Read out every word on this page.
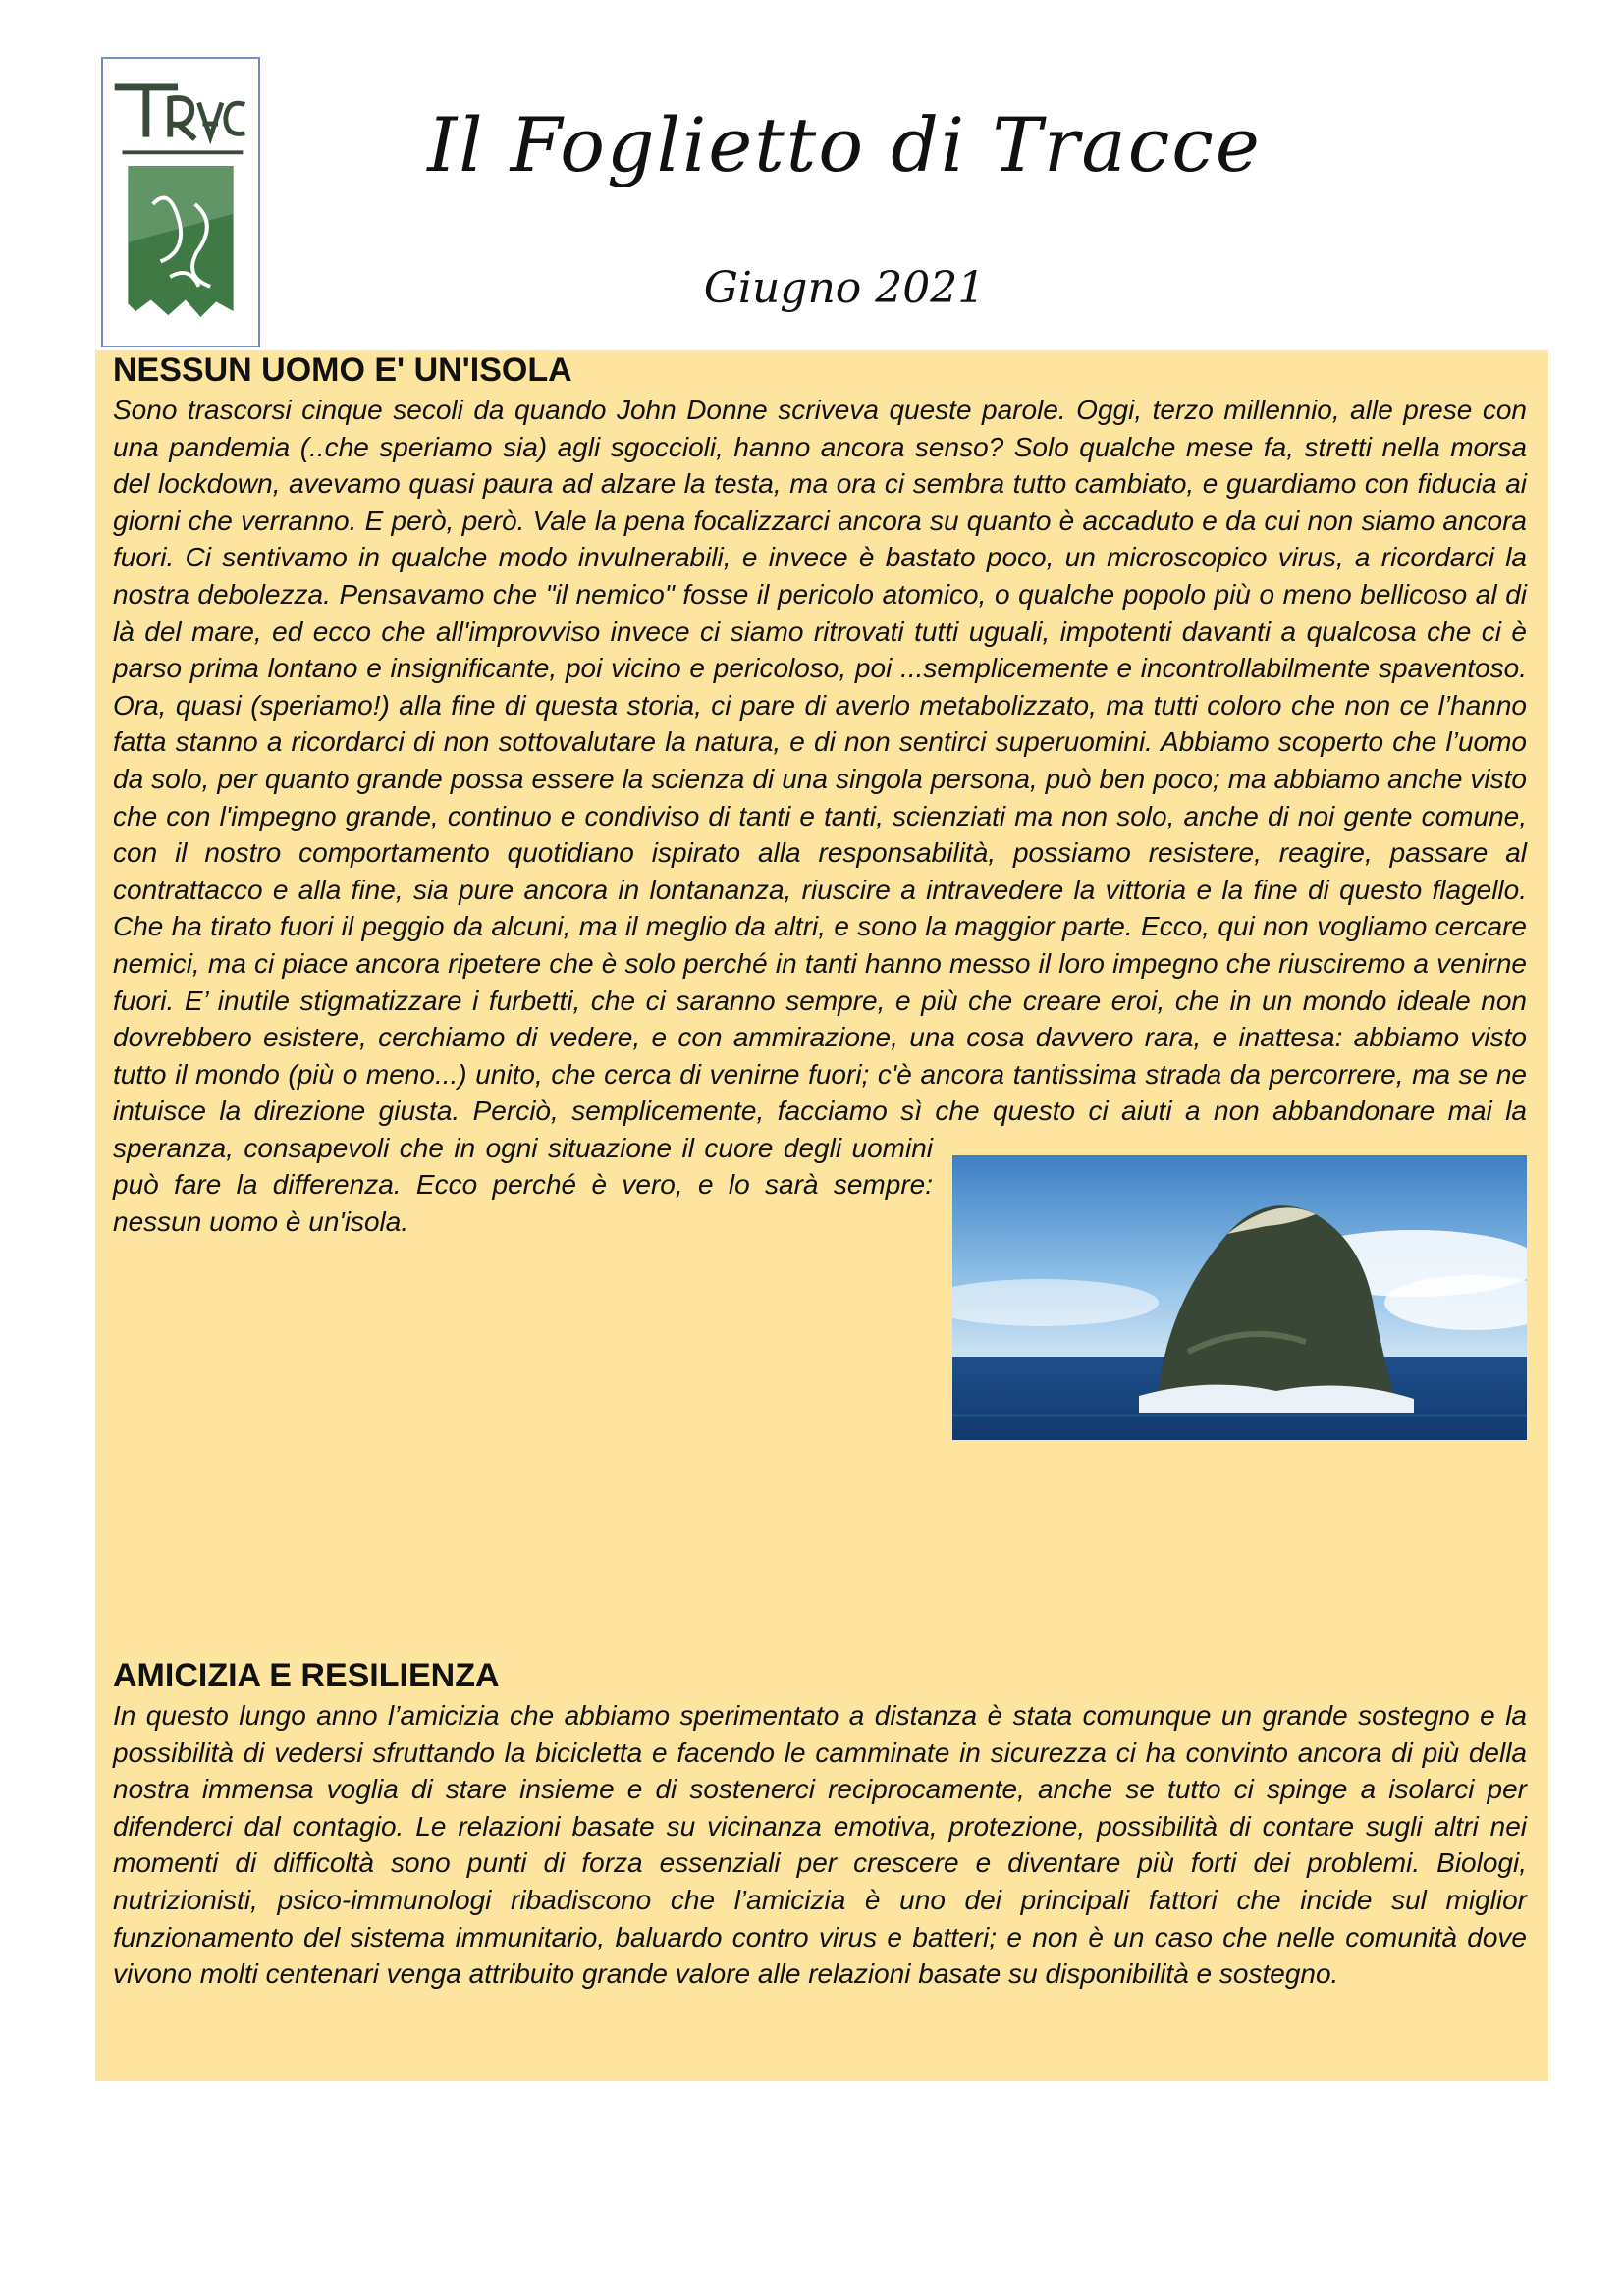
Il Foglietto di Tracce
Giugno 2021
NESSUN UOMO E' UN'ISOLA

Sono trascorsi cinque secoli da quando John Donne scriveva queste parole. Oggi, terzo millennio, alle prese con una pandemia (..che speriamo sia) agli sgoccioli, hanno ancora senso? Solo qualche mese fa, stretti nella morsa del lockdown, avevamo quasi paura ad alzare la testa, ma ora ci sembra tutto cambiato, e guardiamo con fiducia ai giorni che verranno. E però, però. Vale la pena focalizzarci ancora su quanto è accaduto e da cui non siamo ancora fuori. Ci sentivamo in qualche modo invulnerabili, e invece è bastato poco, un microscopico virus, a ricordarci la nostra debolezza. Pensavamo che "il nemico" fosse il pericolo atomico, o qualche popolo più o meno bellicoso al di là del mare, ed ecco che all'improvviso invece ci siamo ritrovati tutti uguali, impotenti davanti a qualcosa che ci è parso prima lontano e insignificante, poi vicino e pericoloso, poi ...semplicemente e incontrollabilmente spaventoso. Ora, quasi (speriamo!) alla fine di questa storia, ci pare di averlo metabolizzato, ma tutti coloro che non ce l’hanno fatta stanno a ricordarci di non sottovalutare la natura, e di non sentirci superuomini. Abbiamo scoperto che l’uomo da solo, per quanto grande possa essere la scienza di una singola persona, può ben poco; ma abbiamo anche visto che con l'impegno grande, continuo e condiviso di tanti e tanti, scienziati ma non solo, anche di noi gente comune, con il nostro comportamento quotidiano ispirato alla responsabilità, possiamo resistere, reagire, passare al contrattacco e alla fine, sia pure ancora in lontananza, riuscire a intravedere la vittoria e la fine di questo flagello. Che ha tirato fuori il peggio da alcuni, ma il meglio da altri, e sono la maggior parte. Ecco, qui non vogliamo cercare nemici, ma ci piace ancora ripetere che è solo perché in tanti hanno messo il loro impegno che riusciremo a venirne fuori. E’ inutile stigmatizzare i furbetti, che ci saranno sempre, e più che creare eroi, che in un mondo ideale non dovrebbero esistere, cerchiamo di vedere, e con ammirazione, una cosa davvero rara, e inattesa: abbiamo visto tutto il mondo (più o meno...) unito, che cerca di venirne fuori; c'è ancora tantissima strada da percorrere, ma se ne intuisce la direzione giusta. Perciò, semplicemente, facciamo sì che questo ci aiuti a non abbandonare mai la speranza, consapevoli che in ogni situazione il cuore degli uomini può fare la differenza. Ecco perché è vero, e lo sarà sempre: nessun uomo è un'isola.

AMICIZIA E RESILIENZA

In questo lungo anno l’amicizia che abbiamo sperimentato a distanza è stata comunque un grande sostegno e la possibilità di vedersi sfruttando la bicicletta e facendo le camminate in sicurezza ci ha convinto ancora di più della nostra immensa voglia di stare insieme e di sostenerci reciprocamente, anche se tutto ci spinge a isolarci per difenderci dal contagio. Le relazioni basate su vicinanza emotiva, protezione, possibilità di contare sugli altri nei momenti di difficoltà sono punti di forza essenziali per crescere e diventare più forti dei problemi. Biologi, nutrizionisti, psico-immunologi ribadiscono che l’amicizia è uno dei principali fattori che incide sul miglior funzionamento del sistema immunitario, baluardo contro virus e batteri; e non è un caso che nelle comunità dove vivono molti centenari venga attribuito grande valore alle relazioni basate su disponibilità e sostegno.
